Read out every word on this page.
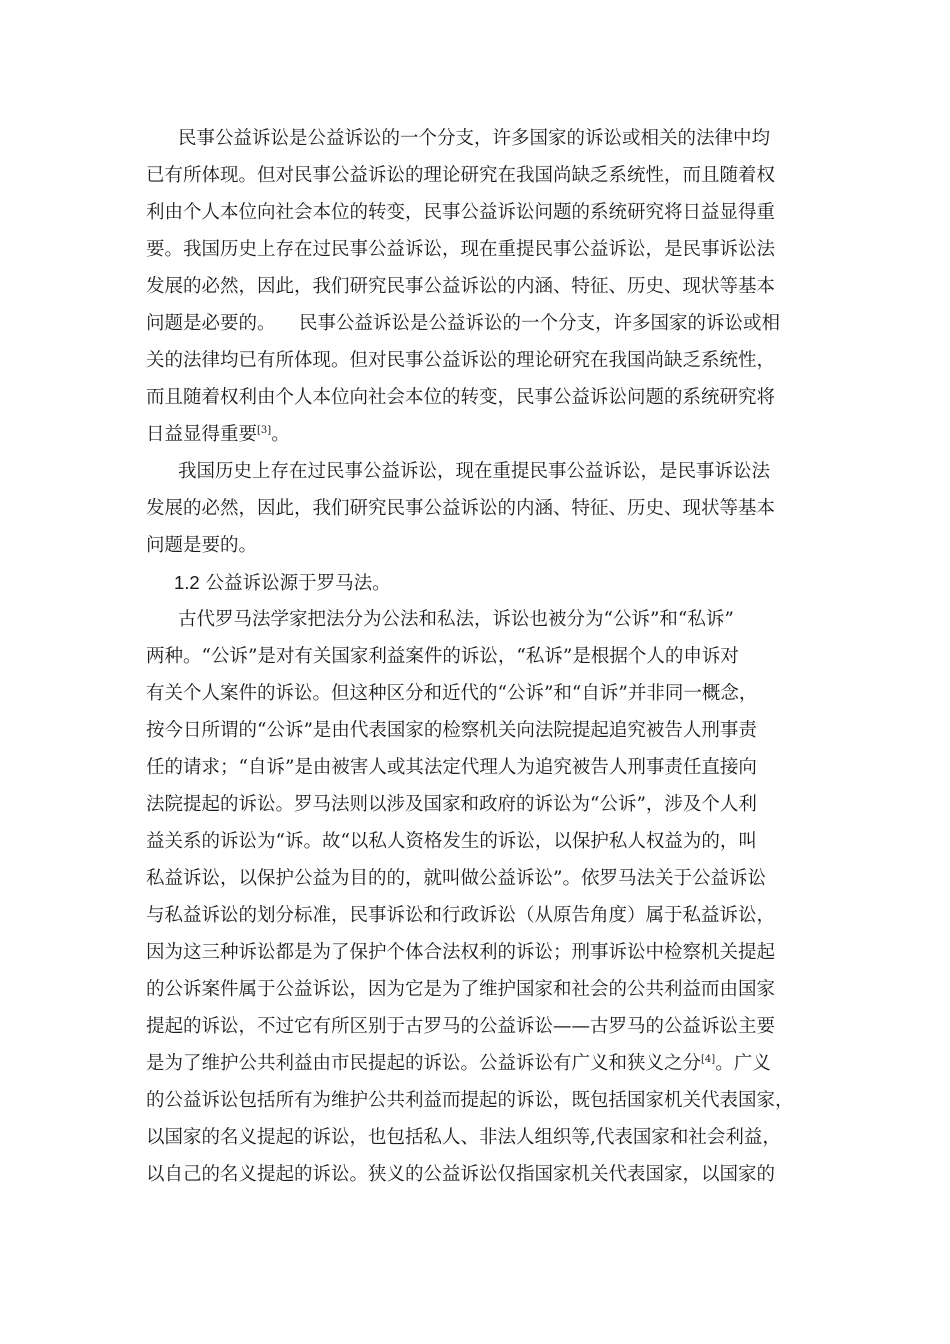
民事公益诉讼是公益诉讼的一个分支，许多国家的诉讼或相关的法律中均
已有所体现。但对民事公益诉讼的理论研究在我国尚缺乏系统性，而且随着权
利由个人本位向社会本位的转变，民事公益诉讼问题的系统研究将日益显得重
要。我国历史上存在过民事公益诉讼，现在重提民事公益诉讼，是民事诉讼法
发展的必然，因此，我们研究民事公益诉讼的内涵、特征、历史、现状等基本
问题是必要的。    民事公益诉讼是公益诉讼的一个分支，许多国家的诉讼或相
关的法律均已有所体现。但对民事公益诉讼的理论研究在我国尚缺乏系统性，
而且随着权利由个人本位向社会本位的转变，民事公益诉讼问题的系统研究将
日益显得重要[3]。
我国历史上存在过民事公益诉讼，现在重提民事公益诉讼，是民事诉讼法
发展的必然，因此，我们研究民事公益诉讼的内涵、特征、历史、现状等基本
问题是要的。
1.2 公益诉讼源于罗马法。
古代罗马法学家把法分为公法和私法，诉讼也被分为“公诉”和“私诉”
两种。“公诉”是对有关国家利益案件的诉讼，“私诉”是根据个人的申诉对
有关个人案件的诉讼。但这种区分和近代的“公诉”和“自诉”并非同一概念，
按今日所谓的“公诉”是由代表国家的检察机关向法院提起追究被告人刑事责
任的请求；“自诉”是由被害人或其法定代理人为追究被告人刑事责任直接向
法院提起的诉讼。罗马法则以涉及国家和政府的诉讼为“公诉”，涉及个人利
益关系的诉讼为“诉。故“以私人资格发生的诉讼，以保护私人权益为的，叫
私益诉讼，以保护公益为目的的，就叫做公益诉讼”。依罗马法关于公益诉讼
与私益诉讼的划分标准，民事诉讼和行政诉讼（从原告角度）属于私益诉讼，
因为这三种诉讼都是为了保护个体合法权利的诉讼；刑事诉讼中检察机关提起
的公诉案件属于公益诉讼，因为它是为了维护国家和社会的公共利益而由国家
提起的诉讼，不过它有所区别于古罗马的公益诉讼——古罗马的公益诉讼主要
是为了维护公共利益由市民提起的诉讼。公益诉讼有广义和狭义之分[4]。广义
的公益诉讼包括所有为维护公共利益而提起的诉讼，既包括国家机关代表国家，
以国家的名义提起的诉讼，也包括私人、非法人组织等,代表国家和社会利益，
以自己的名义提起的诉讼。狭义的公益诉讼仅指国家机关代表国家，以国家的
